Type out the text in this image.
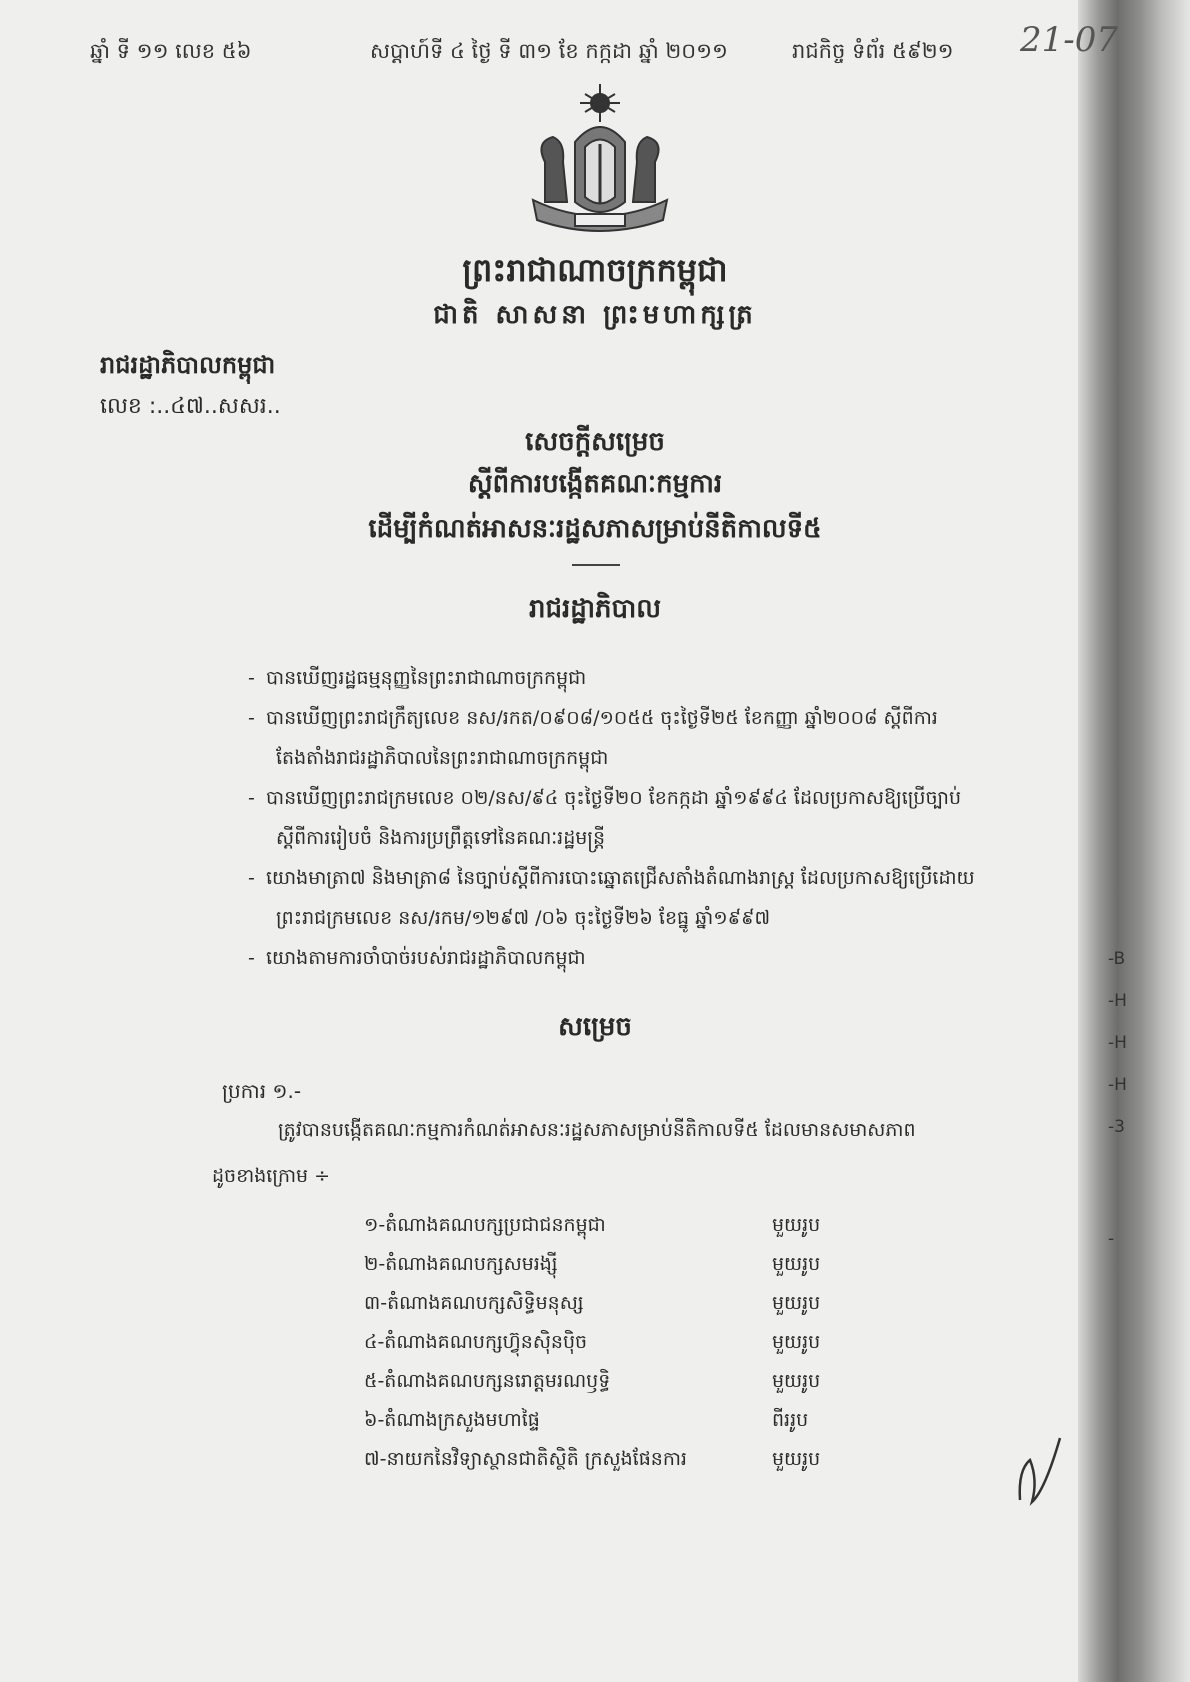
ឆ្នាំ ទី ១១ លេខ ៥៦	សប្តាហ៍ទី ៤ ថ្ងៃ ទី ៣១ ខែ កក្កដា ឆ្នាំ ២០១១	រាជកិច្ច ទំព័រ ៥៩២១ 21-07
ព្រះរាជាណាចក្រកម្ពុជា
ជាតិ សាសនា ព្រះមហាក្សត្រ
រាជរដ្ឋាភិបាលកម្ពុជា
លេខ :..៤៧..សសរ..
សេចក្តីសម្រេច
ស្តីពីការបង្កើតគណៈកម្មការ
ដើម្បីកំណត់អាសនៈរដ្ឋសភាសម្រាប់នីតិកាលទី៥
រាជរដ្ឋាភិបាល

- បានឃើញរដ្ឋធម្មនុញ្ញនៃព្រះរាជាណាចក្រកម្ពុជា

- បានឃើញព្រះរាជក្រឹត្យលេខ នស/រកត/០៩០៨/១០៥៥ ចុះថ្ងៃទី២៥ ខែកញ្ញា ឆ្នាំ២០០៨ ស្តីពីការ

តែងតាំងរាជរដ្ឋាភិបាលនៃព្រះរាជាណាចក្រកម្ពុជា

- បានឃើញព្រះរាជក្រមលេខ ០២/នស/៩៤ ចុះថ្ងៃទី២០ ខែកក្កដា ឆ្នាំ១៩៩៤ ដែលប្រកាសឱ្យប្រើច្បាប់

ស្តីពីការរៀបចំ និងការប្រព្រឹត្តទៅនៃគណៈរដ្ឋមន្ត្រី

- យោងមាត្រា៧ និងមាត្រា៨ នៃច្បាប់ស្តីពីការបោះឆ្នោតជ្រើសតាំងតំណាងរាស្ត្រ ដែលប្រកាសឱ្យប្រើដោយ

ព្រះរាជក្រមលេខ នស/រកម/១២៩៧ /០៦ ចុះថ្ងៃទី២៦ ខែធ្នូ ឆ្នាំ១៩៩៧

- យោងតាមការចាំបាច់របស់រាជរដ្ឋាភិបាលកម្ពុជា

សម្រេច
ប្រការ ១.-
ត្រូវបានបង្កើតគណៈកម្មការកំណត់អាសនៈរដ្ឋសភាសម្រាប់នីតិកាលទី៥ ដែលមានសមាសភាព
ដូចខាងក្រោម ÷
១-តំណាងគណបក្សប្រជាជនកម្ពុជា	មួយរូប
២-តំណាងគណបក្សសមរង្ស៊ី	មួយរូប
៣-តំណាងគណបក្សសិទ្ធិមនុស្ស	មួយរូប
៤-តំណាងគណបក្សហ៊្វុនស៊ិនប៉ិច	មួយរូប
៥-តំណាងគណបក្សនរោត្តមរណឫទ្ធិ	មួយរូប
៦-តំណាងក្រសួងមហាផ្ទៃ	ពីររូប
៧-នាយកនៃវិទ្យាស្ថានជាតិស្ថិតិ ក្រសួងផែនការ	មួយរូប
-B
-H
-H
-H
-3
-
